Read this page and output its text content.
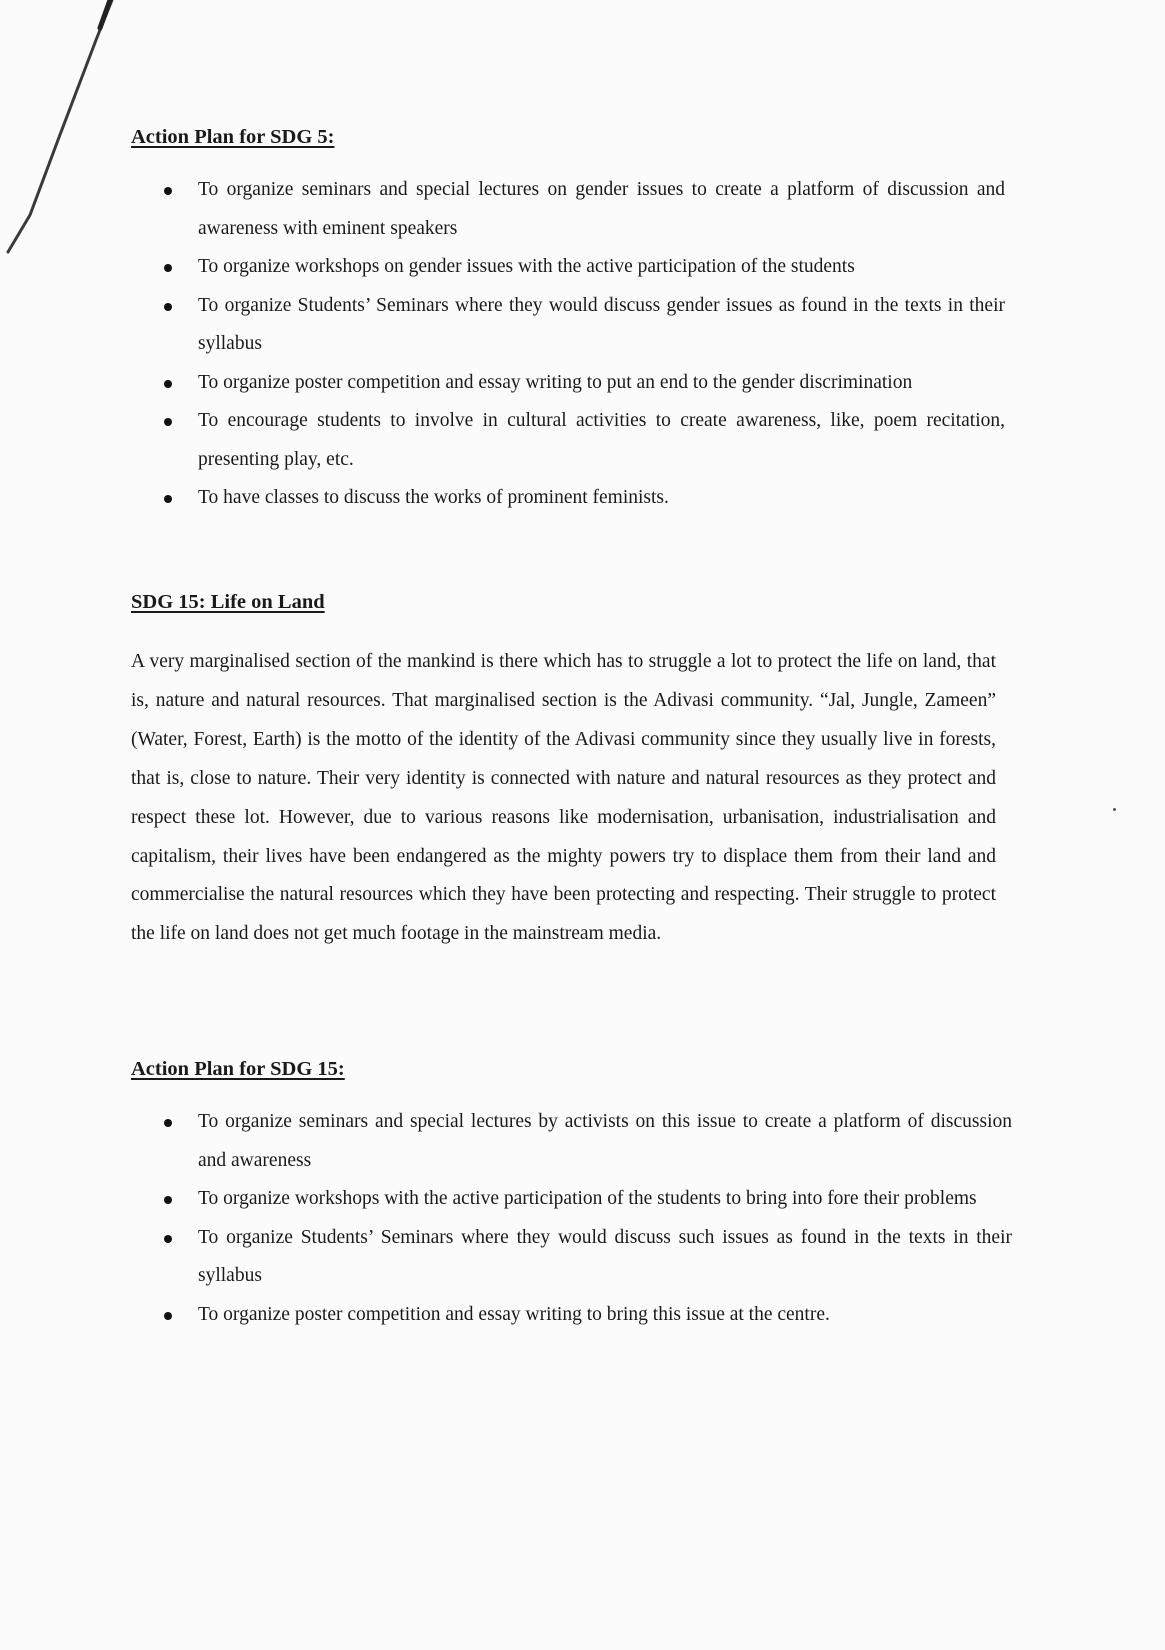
Action Plan for SDG 5:
To organize seminars and special lectures on gender issues to create a platform of discussion and awareness with eminent speakers
To organize workshops on gender issues with the active participation of the students
To organize Students’ Seminars where they would discuss gender issues as found in the texts in their syllabus
To organize poster competition and essay writing to put an end to the gender discrimination
To encourage students to involve in cultural activities to create awareness, like, poem recitation, presenting play, etc.
To have classes to discuss the works of prominent feminists.
SDG 15: Life on Land

A very marginalised section of the mankind is there which has to struggle a lot to protect the life on land, that is, nature and natural resources. That marginalised section is the Adivasi community. “Jal, Jungle, Zameen” (Water, Forest, Earth) is the motto of the identity of the Adivasi community since they usually live in forests, that is, close to nature. Their very identity is connected with nature and natural resources as they protect and respect these lot. However, due to various reasons like modernisation, urbanisation, industrialisation and capitalism, their lives have been endangered as the mighty powers try to displace them from their land and commercialise the natural resources which they have been protecting and respecting. Their struggle to protect the life on land does not get much footage in the mainstream media.

Action Plan for SDG 15:
To organize seminars and special lectures by activists on this issue to create a platform of discussion and awareness
To organize workshops with the active participation of the students to bring into fore their problems
To organize Students’ Seminars where they would discuss such issues as found in the texts in their syllabus
To organize poster competition and essay writing to bring this issue at the centre.
